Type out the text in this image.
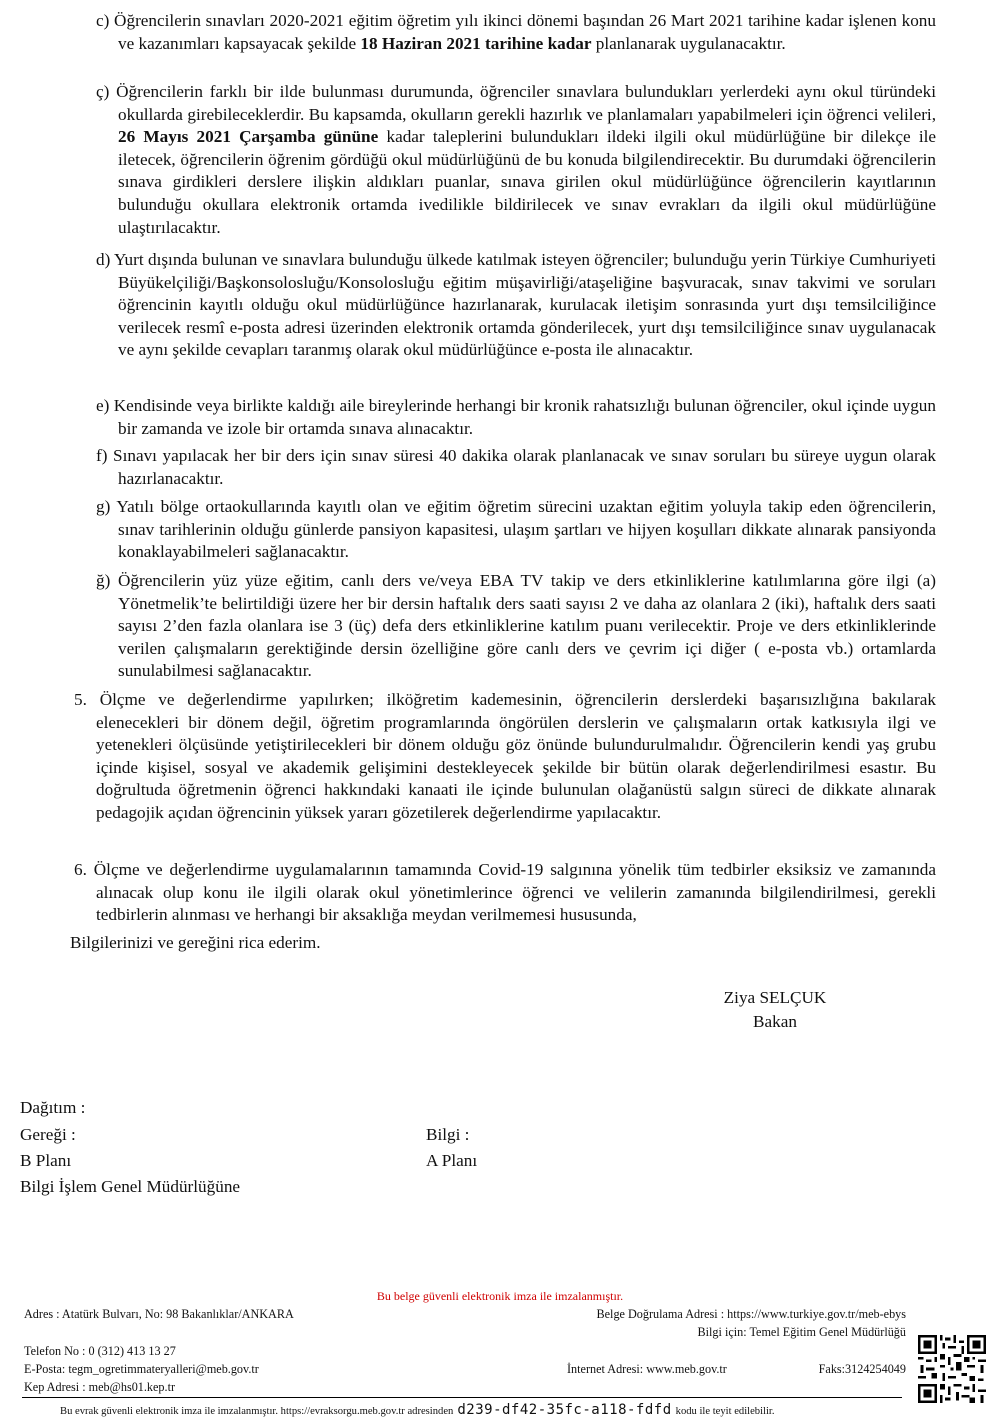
c) Öğrencilerin sınavları 2020-2021 eğitim öğretim yılı ikinci dönemi başından 26 Mart 2021 tarihine kadar işlenen konu ve kazanımları kapsayacak şekilde 18 Haziran 2021 tarihine kadar planlanarak uygulanacaktır.
ç) Öğrencilerin farklı bir ilde bulunması durumunda, öğrenciler sınavlara bulundukları yerlerdeki aynı okul türündeki okullarda girebileceklerdir. Bu kapsamda, okulların gerekli hazırlık ve planlamaları yapabilmeleri için öğrenci velileri, 26 Mayıs 2021 Çarşamba gününe kadar taleplerini bulundukları ildeki ilgili okul müdürlüğüne bir dilekçe ile iletecek, öğrencilerin öğrenim gördüğü okul müdürlüğünü de bu konuda bilgilendirecektir. Bu durumdaki öğrencilerin sınava girdikleri derslere ilişkin aldıkları puanlar, sınava girilen okul müdürlüğünce öğrencilerin kayıtlarının bulunduğu okullara elektronik ortamda ivedilikle bildirilecek ve sınav evrakları da ilgili okul müdürlüğüne ulaştırılacaktır.
d) Yurt dışında bulunan ve sınavlara bulunduğu ülkede katılmak isteyen öğrenciler; bulunduğu yerin Türkiye Cumhuriyeti Büyükelçiliği/Başkonsolosluğu/Konsolosluğu eğitim müşavirliği/ataşeliğine başvuracak, sınav takvimi ve soruları öğrencinin kayıtlı olduğu okul müdürlüğünce hazırlanarak, kurulacak iletişim sonrasında yurt dışı temsilciliğince verilecek resmî e-posta adresi üzerinden elektronik ortamda gönderilecek, yurt dışı temsilciliğince sınav uygulanacak ve aynı şekilde cevapları taranmış olarak okul müdürlüğünce e-posta ile alınacaktır.
e) Kendisinde veya birlikte kaldığı aile bireylerinde herhangi bir kronik rahatsızlığı bulunan öğrenciler, okul içinde uygun bir zamanda ve izole bir ortamda sınava alınacaktır.
f) Sınavı yapılacak her bir ders için sınav süresi 40 dakika olarak planlanacak ve sınav soruları bu süreye uygun olarak hazırlanacaktır.
g) Yatılı bölge ortaokullarında kayıtlı olan ve eğitim öğretim sürecini uzaktan eğitim yoluyla takip eden öğrencilerin, sınav tarihlerinin olduğu günlerde pansiyon kapasitesi, ulaşım şartları ve hijyen koşulları dikkate alınarak pansiyonda konaklayabilmeleri sağlanacaktır.
ğ) Öğrencilerin yüz yüze eğitim, canlı ders ve/veya EBA TV takip ve ders etkinliklerine katılımlarına göre ilgi (a) Yönetmelik’te belirtildiği üzere her bir dersin haftalık ders saati sayısı 2 ve daha az olanlara 2 (iki), haftalık ders saati sayısı 2’den fazla olanlara ise 3 (üç) defa ders etkinliklerine katılım puanı verilecektir. Proje ve ders etkinliklerinde verilen çalışmaların gerektiğinde dersin özelliğine göre canlı ders ve çevrim içi diğer ( e-posta vb.) ortamlarda sunulabilmesi sağlanacaktır.
5. Ölçme ve değerlendirme yapılırken; ilköğretim kademesinin, öğrencilerin derslerdeki başarısızlığına bakılarak elenecekleri bir dönem değil, öğretim programlarında öngörülen derslerin ve çalışmaların ortak katkısıyla ilgi ve yetenekleri ölçüsünde yetiştirilecekleri bir dönem olduğu göz önünde bulundurulmalıdır. Öğrencilerin kendi yaş grubu içinde kişisel, sosyal ve akademik gelişimini destekleyecek şekilde bir bütün olarak değerlendirilmesi esastır. Bu doğrultuda öğretmenin öğrenci hakkındaki kanaati ile içinde bulunulan olağanüstü salgın süreci de dikkate alınarak pedagojik açıdan öğrencinin yüksek yararı gözetilerek değerlendirme yapılacaktır.
6. Ölçme ve değerlendirme uygulamalarının tamamında Covid-19 salgınına yönelik tüm tedbirler eksiksiz ve zamanında alınacak olup konu ile ilgili olarak okul yönetimlerince öğrenci ve velilerin zamanında bilgilendirilmesi, gerekli tedbirlerin alınması ve herhangi bir aksaklığa meydan verilmemesi hususunda,
Bilgilerinizi ve gereğini rica ederim.
Ziya SELÇUK
Bakan
Dağıtım :
Gereği :
B Planı
Bilgi İşlem Genel Müdürlüğüne
Bilgi :
A Planı
Bu belge güvenli elektronik imza ile imzalanmıştır.
Adres : Atatürk Bulvarı, No: 98 Bakanlıklar/ANKARA	Belge Doğrulama Adresi : https://www.turkiye.gov.tr/meb-ebys
Bilgi için: Temel Eğitim Genel Müdürlüğü
Telefon No : 0 (312) 413 13 27
E-Posta: tegm_ogretimmateryalleri@meb.gov.tr	İnternet Adresi: www.meb.gov.tr	Faks:3124254049
Kep Adresi : meb@hs01.kep.tr
Bu evrak güvenli elektronik imza ile imzalanmıştır. https://evraksorgu.meb.gov.tr adresinden d239-df42-35fc-a118-fdfd kodu ile teyit edilebilir.
